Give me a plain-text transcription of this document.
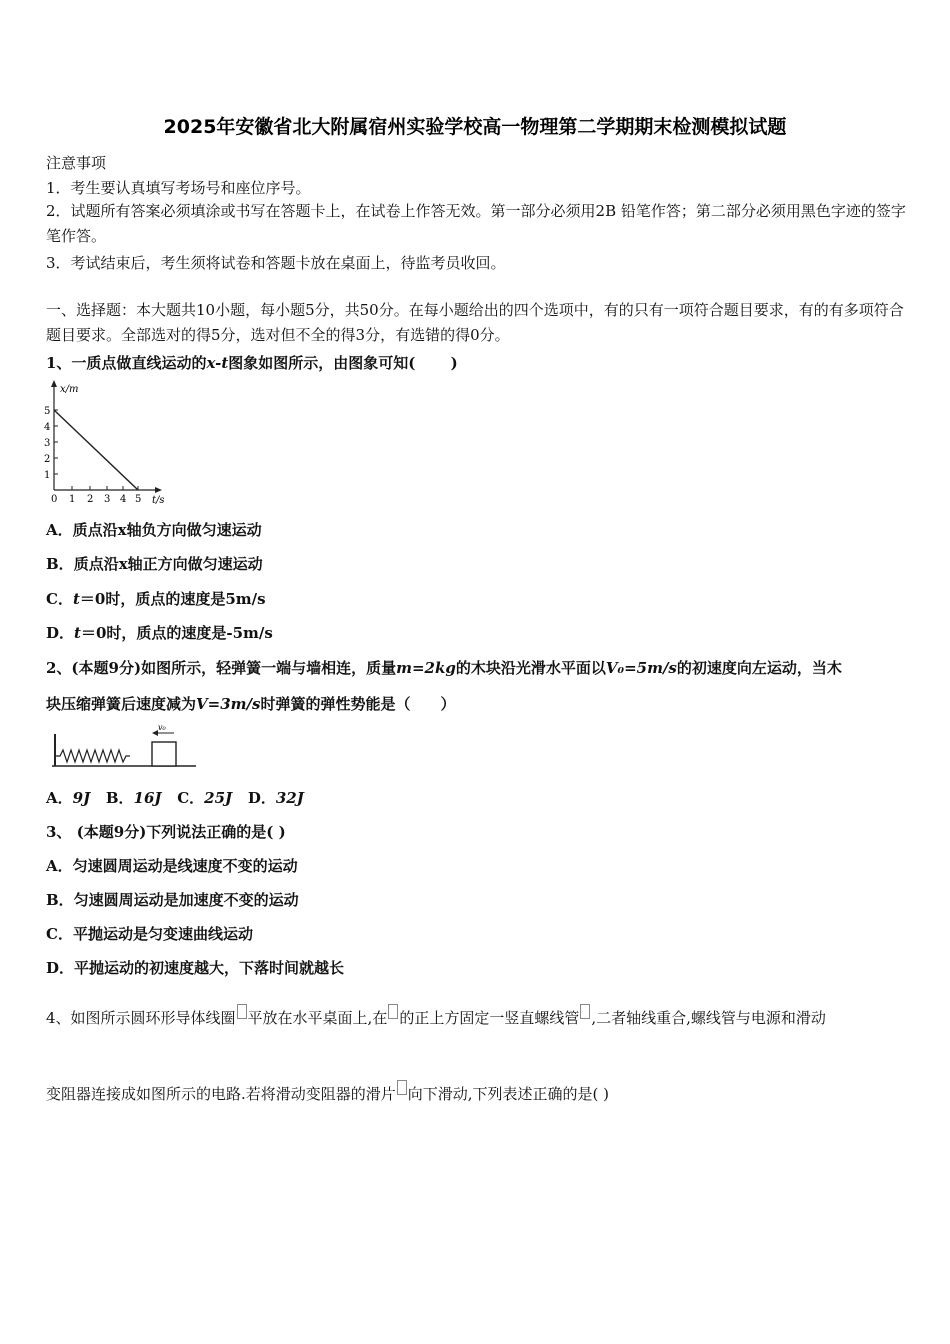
2025年安徽省北大附属宿州实验学校高一物理第二学期期末检测模拟试题
注意事项
1．考生要认真填写考场号和座位序号。
2．试题所有答案必须填涂或书写在答题卡上，在试卷上作答无效。第一部分必须用2B 铅笔作答；第二部分必须用黑色字迹的签字笔作答。
3．考试结束后，考生须将试卷和答题卡放在桌面上，待监考员收回。
一、选择题：本大题共10小题，每小题5分，共50分。在每小题给出的四个选项中，有的只有一项符合题目要求，有的有多项符合题目要求。全部选对的得5分，选对但不全的得3分，有选错的得0分。
1、一质点做直线运动的x-t图象如图所示，由图象可知(　　 )
x/m
t/s
1
2
3
4
5
0 1 2 3 4 5
A．质点沿x轴负方向做匀速运动
B．质点沿x轴正方向做匀速运动
C．t＝0时，质点的速度是5m/s
D．t＝0时，质点的速度是-5m/s
2、(本题9分)如图所示，轻弹簧一端与墙相连，质量m=2kg的木块沿光滑水平面以V₀=5m/s的初速度向左运动，当木
块压缩弹簧后速度减为V=3m/s时弹簧的弹性势能是（　　）
v₀
A．9J B．16J C．25J D．32J
3、 (本题9分)下列说法正确的是( )
A．匀速圆周运动是线速度不变的运动
B．匀速圆周运动是加速度不变的运动
C．平抛运动是匀变速曲线运动
D．平抛运动的初速度越大，下落时间就越长
4、如图所示圆环形导体线圈 平放在水平桌面上,在 的正上方固定一竖直螺线管 ,二者轴线重合,螺线管与电源和滑动
变阻器连接成如图所示的电路.若将滑动变阻器的滑片 向下滑动,下列表述正确的是( )
